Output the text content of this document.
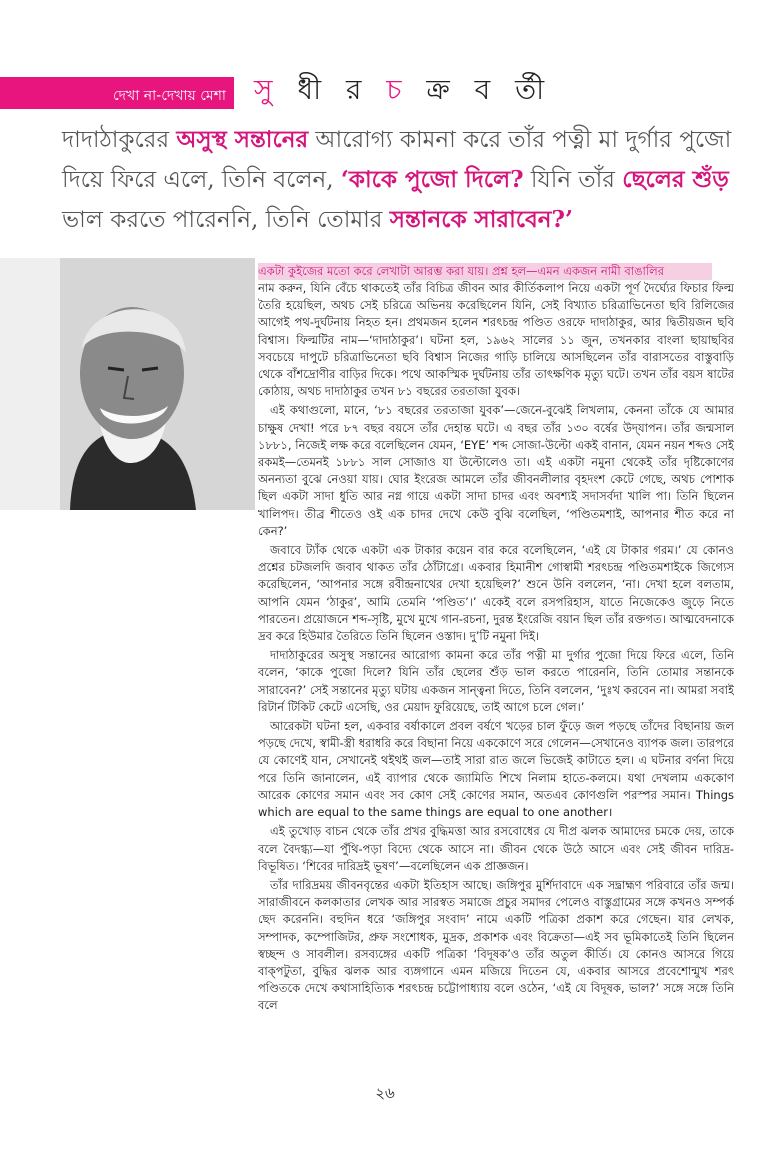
দেখা না-দেখায় মেশা সু ধী র চ ক্র ব র্তী

দাদাঠাকুরের অসুস্থ সন্তানের আরোগ্য কামনা করে তাঁর পত্নী মা দুর্গার পুজো দিয়ে ফিরে এলে, তিনি বলেন, ‘কাকে পুজো দিলে? যিনি তাঁর ছেলের শুঁড় ভাল করতে পারেননি, তিনি তোমার সন্তানকে সারাবেন?’

একটা কুইজের মতো করে লেখাটা আরম্ভ করা যায়। প্রশ্ন হল—এমন একজন নামী বাঙালির

নাম করুন, যিনি বেঁচে থাকতেই তাঁর বিচিত্র জীবন আর কীর্তিকলাপ নিয়ে একটা পূর্ণ দৈর্ঘ্যের ফিচার ফিল্ম তৈরি হয়েছিল, অথচ সেই চরিত্রে অভিনয় করেছিলেন যিনি, সেই বিখ্যাত চরিত্রাভিনেতা ছবি রিলিজের আগেই পথ-দুর্ঘটনায় নিহত হন। প্রথমজন হলেন শরৎচন্দ্র পণ্ডিত ওরফে দাদাঠাকুর, আর দ্বিতীয়জন ছবি বিশ্বাস। ফিল্মটির নাম—‘দাদাঠাকুর’। ঘটনা হল, ১৯৬২ সালের ১১ জুন, তখনকার বাংলা ছায়াছবির সবচেয়ে দাপুটে চরিত্রাভিনেতা ছবি বিশ্বাস নিজের গাড়ি চালিয়ে আসছিলেন তাঁর বারাসতের বাস্তুবাড়ি থেকে বাঁশদ্রোণীর বাড়ির দিকে। পথে আকস্মিক দুর্ঘটনায় তাঁর তাৎক্ষণিক মৃত্যু ঘটে। তখন তাঁর বয়স ষাটের কোঠায়, অথচ দাদাঠাকুর তখন ৮১ বছরের তরতাজা যুবক।

এই কথাগুলো, মানে, ‘৮১ বছরের তরতাজা যুবক’—জেনে-বুঝেই লিখলাম, কেননা তাঁকে যে আমার চাক্ষুষ দেখা! পরে ৮৭ বছর বয়সে তাঁর দেহান্ত ঘটে। এ বছর তাঁর ১৩০ বর্ষের উদ্‌যাপন। তাঁর জন্মসাল ১৮৮১, নিজেই লক্ষ করে বলেছিলেন যেমন, ‘EYE’ শব্দ সোজা-উল্টো একই বানান, যেমন নয়ন শব্দও সেই রকমই—তেমনই ১৮৮১ সাল সোজাও যা উল্টোলেও তা। এই একটা নমুনা থেকেই তাঁর দৃষ্টিকোণের অনন্যতা বুঝে নেওয়া যায়। ঘোর ইংরেজ আমলে তাঁর জীবনলীলার বৃহদংশ কেটে গেছে, অথচ পোশাক ছিল একটা সাদা ধুতি আর নগ্ন গায়ে একটা সাদা চাদর এবং অবশ্যই সদাসর্বদা খালি পা। তিনি ছিলেন খালিপদ। তীব্র শীতেও ওই এক চাদর দেখে কেউ বুঝি বলেছিল, ‘পণ্ডিতমশাই, আপনার শীত করে না কেন?’

জবাবে ট্যাঁক থেকে একটা এক টাকার কয়েন বার করে বলেছিলেন, ‘এই যে টাকার গরম।’ যে কোনও প্রশ্নের চটজলদি জবাব থাকত তাঁর ঠোঁটাগ্রে। একবার হিমানীশ গোস্বামী শরৎচন্দ্র পণ্ডিতমশাইকে জিগ্যেস করেছিলেন, ‘আপনার সঙ্গে রবীন্দ্রনাথের দেখা হয়েছিল?’ শুনে উনি বললেন, ‘না। দেখা হলে বলতাম, আপনি যেমন ‘ঠাকুর’, আমি তেমনি ‘পণ্ডিত’।’ একেই বলে রসপরিহাস, যাতে নিজেকেও জুড়ে নিতে পারতেন। প্রয়োজনে শব্দ-সৃষ্টি, মুখে মুখে গান-রচনা, দুরন্ত ইংরেজি বয়ান ছিল তাঁর রক্তগত। আত্মবেদনাকে দ্রব করে হিউমার তৈরিতে তিনি ছিলেন ওস্তাদ। দু’টি নমুনা দিই।

দাদাঠাকুরের অসুস্থ সন্তানের আরোগ্য কামনা করে তাঁর পত্নী মা দুর্গার পুজো দিয়ে ফিরে এলে, তিনি বলেন, ‘কাকে পুজো দিলে? যিনি তাঁর ছেলের শুঁড় ভাল করতে পারেননি, তিনি তোমার সন্তানকে সারাবেন?’ সেই সন্তানের মৃত্যু ঘটায় একজন সান্ত্বনা দিতে, তিনি বললেন, ‘দুঃখ করবেন না। আমরা সবাই রিটার্ন টিকিট কেটে এসেছি, ওর মেয়াদ ফুরিয়েছে, তাই আগে চলে গেল।’

আরেকটা ঘটনা হল, একবার বর্ষাকালে প্রবল বর্ষণে খড়ের চাল ফুঁড়ে জল পড়ছে তাঁদের বিছানায় জল পড়ছে দেখে, স্বামী-স্ত্রী ধরাধরি করে বিছানা নিয়ে এককোণে সরে গেলেন—সেখানেও ব্যাপক জল। তারপরে যে কোণেই যান, সেখানেই থইথই জল—তাই সারা রাত জলে ভিজেই কাটাতে হল। এ ঘটনার বর্ণনা দিয়ে পরে তিনি জানালেন, এই ব্যাপার থেকে জ্যামিতি শিখে নিলাম হাতে-কলমে। যথা দেখলাম এককোণ আরেক কোণের সমান এবং সব কোণ সেই কোণের সমান, অতএব কোণগুলি পরস্পর সমান। Things which are equal to the same things are equal to one another।

এই তুখোড় বাচন থেকে তাঁর প্রখর বুদ্ধিমত্তা আর রসবোধের যে দীপ্র ঝলক আমাদের চমকে দেয়, তাকে বলে বৈদগ্ধ্য—যা পুঁথি-পড়া বিদ্যে থেকে আসে না। জীবন থেকে উঠে আসে এবং সেই জীবন দারিদ্র-বিভূষিত। ‘শিবের দারিদ্রই ভূষণ’—বলেছিলেন এক প্রাজ্ঞজন।

তাঁর দারিদ্রময় জীবনবৃন্তের একটা ইতিহাস আছে। জঙ্গিপুর মুর্শিদাবাদে এক সদ্ব্রাহ্মণ পরিবারে তাঁর জন্ম। সারাজীবনে কলকাতার লেখক আর সারস্বত সমাজে প্রচুর সমাদর পেলেও বাস্তুগ্রামের সঙ্গে কখনও সম্পর্ক ছেদ করেননি। বহুদিন ধরে ‘জঙ্গিপুর সংবাদ’ নামে একটি পত্রিকা প্রকাশ করে গেছেন। যার লেখক, সম্পাদক, কম্পোজিটর, প্রুফ সংশোধক, মুদ্রক, প্রকাশক এবং বিক্রেতা—এই সব ভূমিকাতেই তিনি ছিলেন স্বচ্ছন্দ ও সাবলীল। রসব্যঙ্গের একটি পত্রিকা ‘বিদূষক’ও তাঁর অতুল কীর্তি। যে কোনও আসরে গিয়ে বাক্‌পটুতা, বুদ্ধির ঝলক আর ব্যঙ্গগানে এমন মজিয়ে দিতেন যে, একবার আসরে প্রবেশোন্মুখ শরৎ পণ্ডিতকে দেখে কথাসাহিত্যিক শরৎচন্দ্র চট্টোপাধ্যায় বলে ওঠেন, ‘এই যে বিদূষক, ভাল?’ সঙ্গে সঙ্গে তিনি বলে

২৬
